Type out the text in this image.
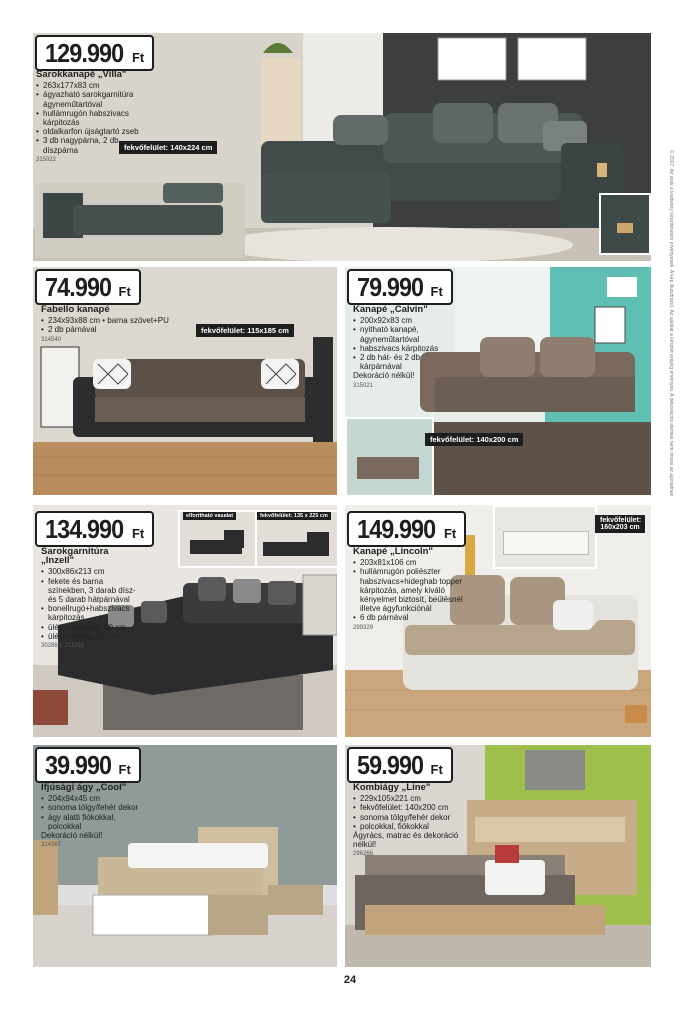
129.990 Ft
Sarokkanapé „Villa"
• 263x177x83 cm
• ágyazható sarokgarnitúra ágyneműtartóval
• hullámrugón habszivacs kárpitozás
• oldalkarfon újságtartó zseb
• 3 db nagypárna, 2 db díszpárna
315022
fekvőfelület: 140x224 cm
74.990 Ft
Fabello kanapé
• 234x93x88 cm • barna szövet+PU
• 2 db párnával
314540
fekvőfelület: 115x185 cm
79.990 Ft
Kanapé „Calvin"
• 200x92x83 cm
• nyitható kanapé, ágyneműtartóval
• habszivacs kárpitozás
• 2 db hát- és 2 db kárpárnával
Dekoráció nélkül!
315021
fekvőfelület: 140x200 cm
elforítható vasalat	fekvőfelület: 135 x 225 cm
134.990 Ft
Sarokgarnitúra „Inzell"
• 300x86x213 cm
• fekete és barna színekben, 3 darab dísz- és 5 darab hátpárnával
• bonellrugó+habszivacs kárpitozás
• ülésmagasság: 40 cm
• ülésmélység: 62 cm
302860, 311209
149.990 Ft
Kanapé „Lincoln"
• 203x81x106 cm
• hullámrugón poliészter habszivacs+hideghab topper kárpitozás, amely kiváló kényelmet biztosít, beülésnél illetve ágyfunkciónál
• 6 db párnával
299329
fekvőfelület: 160x203 cm
39.990 Ft
Ifjúsági ágy „Cool"
• 204x94x45 cm
• sonoma tölgy/fehér dekor
• ágy alatti fiókokkal, polcokkal
Dekoráció nélkül!
314387
59.990 Ft
Kombiágy „Line"
• 229x105x221 cm
• fekvőfelület: 140x200 cm
• sonoma tölgy/fehér dekor
• polcokkal, fiókokkal
Ágyrács, matrac és dekoráció nélkül!
296266
© 2017. Az árak a kiadvány készítésekor érvényesek. A kép illusztráció. Az ajánlat a készlet erejéig érvényes. A dekorációs elemek nem részei az ajánlatnak.
24
